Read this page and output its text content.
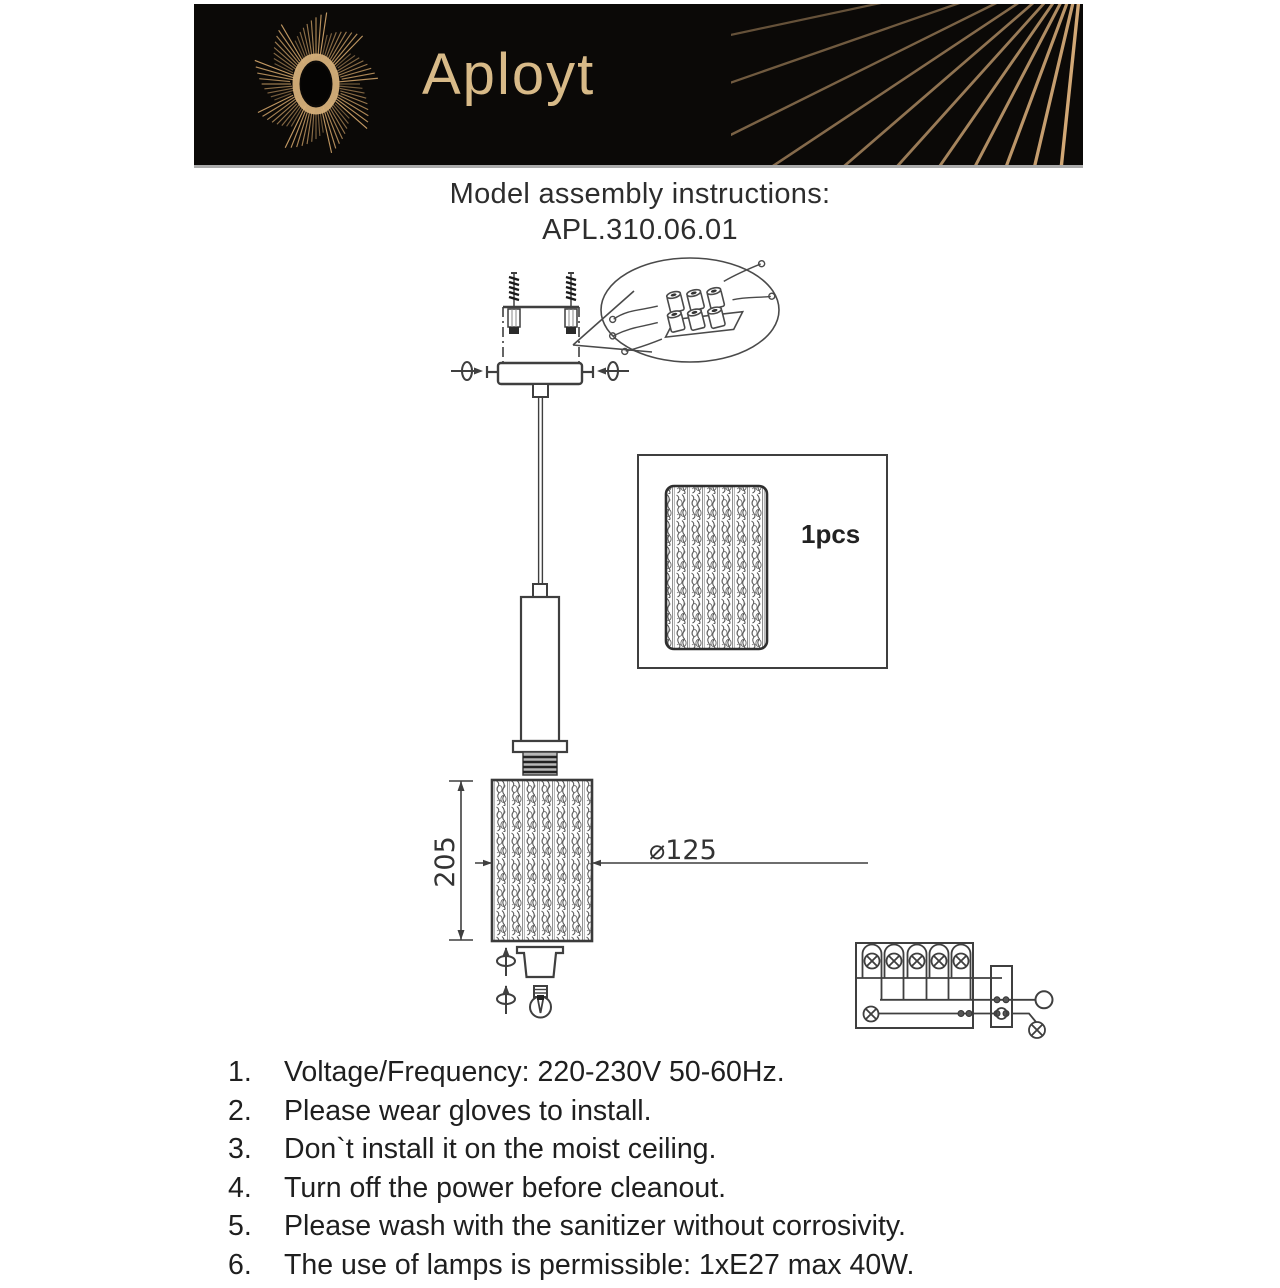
Aployt
Model assembly instructions:
APL.310.06.01
205	⌀125
1pcs
1.	Voltage/Frequency: 220-230V 50-60Hz.
2.	Please wear gloves to install.
3.	Don`t install it on the moist ceiling.
4.	Turn off the power before cleanout.
5.	Please wash with the sanitizer without corrosivity.
6.	The use of lamps is permissible: 1xE27 max 40W.
